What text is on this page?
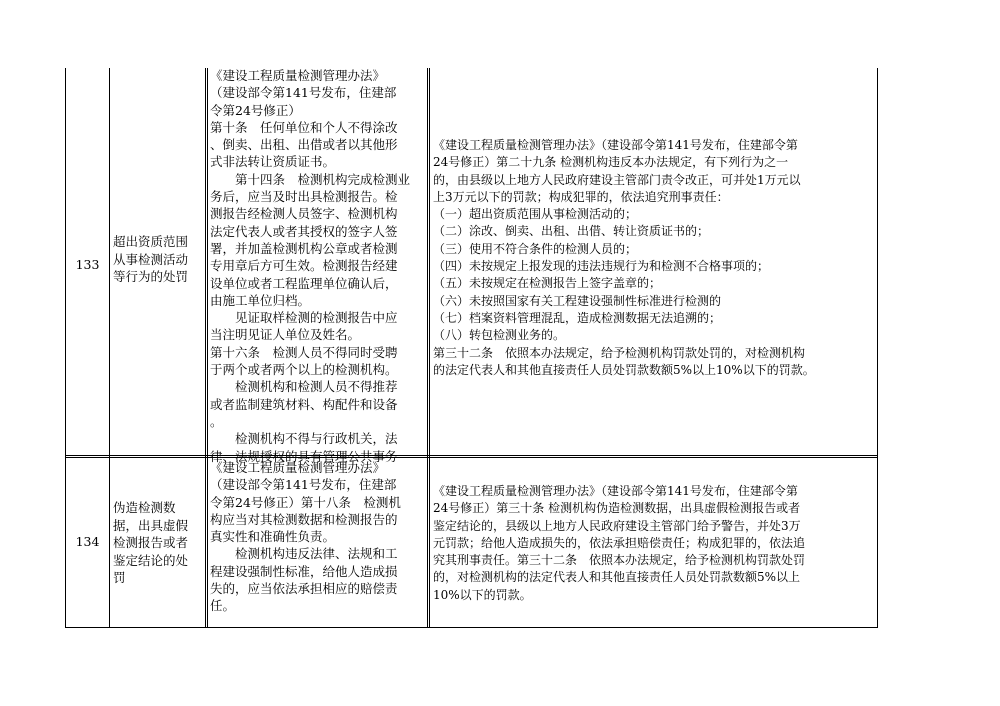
133
超出资质范围
从事检测活动
等行为的处罚
《建设工程质量检测管理办法》
（建设部令第141号发布，住建部
令第24号修正）
第十条　任何单位和个人不得涂改
、倒卖、出租、出借或者以其他形
式非法转让资质证书。
　　第十四条　检测机构完成检测业
务后，应当及时出具检测报告。检
测报告经检测人员签字、检测机构
法定代表人或者其授权的签字人签
署，并加盖检测机构公章或者检测
专用章后方可生效。检测报告经建
设单位或者工程监理单位确认后，
由施工单位归档。
　　见证取样检测的检测报告中应
当注明见证人单位及姓名。
第十六条　检测人员不得同时受聘
于两个或者两个以上的检测机构。
　　检测机构和检测人员不得推荐
或者监制建筑材料、构配件和设备
。
　　检测机构不得与行政机关，法
律、法规授权的具有管理公共事务
《建设工程质量检测管理办法》（建设部令第141号发布，住建部令第
24号修正）第二十九条 检测机构违反本办法规定，有下列行为之一
的，由县级以上地方人民政府建设主管部门责令改正，可并处1万元以
上3万元以下的罚款；构成犯罪的，依法追究刑事责任：
（一）超出资质范围从事检测活动的；
（二）涂改、倒卖、出租、出借、转让资质证书的；
（三）使用不符合条件的检测人员的；
（四）未按规定上报发现的违法违规行为和检测不合格事项的；
（五）未按规定在检测报告上签字盖章的；
（六）未按照国家有关工程建设强制性标准进行检测的
（七）档案资料管理混乱，造成检测数据无法追溯的；
（八）转包检测业务的。
第三十二条　依照本办法规定，给予检测机构罚款处罚的，对检测机构
的法定代表人和其他直接责任人员处罚款数额5%以上10%以下的罚款。
134
伪造检测数
据，出具虚假
检测报告或者
鉴定结论的处
罚
《建设工程质量检测管理办法》
（建设部令第141号发布，住建部
令第24号修正）第十八条　检测机
构应当对其检测数据和检测报告的
真实性和准确性负责。
　　检测机构违反法律、法规和工
程建设强制性标准，给他人造成损
失的，应当依法承担相应的赔偿责
任。
《建设工程质量检测管理办法》（建设部令第141号发布，住建部令第
24号修正）第三十条 检测机构伪造检测数据，出具虚假检测报告或者
鉴定结论的，县级以上地方人民政府建设主管部门给予警告，并处3万
元罚款；给他人造成损失的，依法承担赔偿责任；构成犯罪的，依法追
究其刑事责任。第三十二条　依照本办法规定，给予检测机构罚款处罚
的，对检测机构的法定代表人和其他直接责任人员处罚款数额5%以上
10%以下的罚款。
